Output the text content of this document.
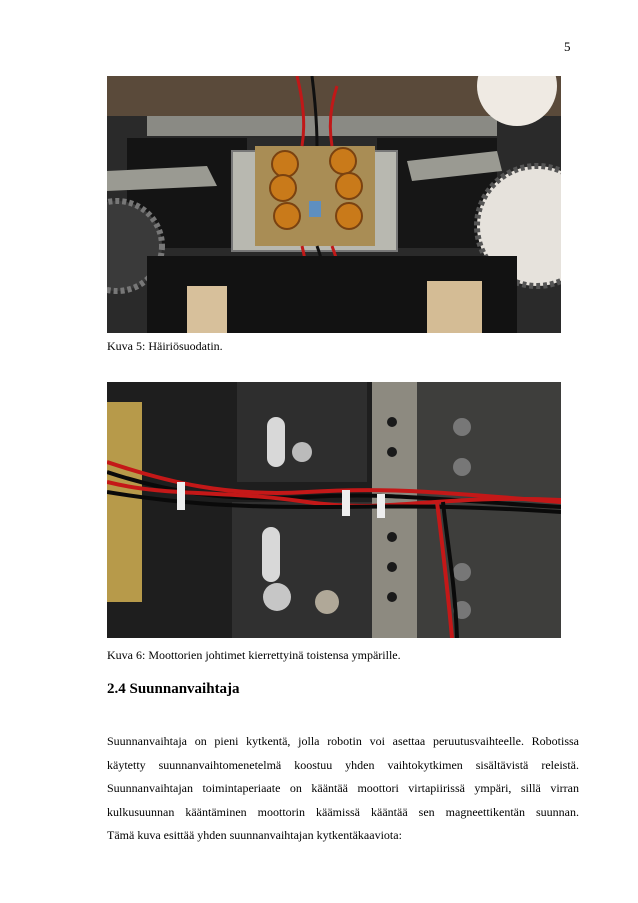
5
Kuva 5: Häiriösuodatin.
Kuva 6: Moottorien johtimet kierrettyinä toistensa ympärille.
2.4 Suunnanvaihtaja

Suunnanvaihtaja on pieni kytkentä, jolla robotin voi asettaa peruutusvaihteelle. Robotissa
käytetty suunnanvaihtomenetelmä koostuu yhden vaihtokytkimen sisältävistä releistä.
Suunnanvaihtajan toimintaperiaate on kääntää moottori virtapiirissä ympäri, sillä virran
kulkusuunnan kääntäminen moottorin käämissä kääntää sen magneettikentän suunnan.
Tämä kuva esittää yhden suunnanvaihtajan kytkentäkaaviota:
